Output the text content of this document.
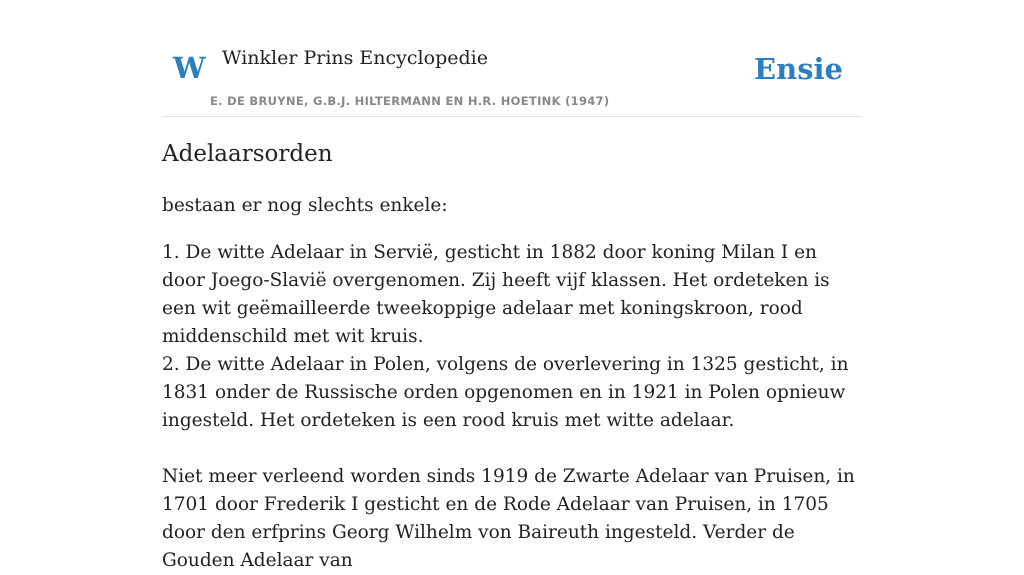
W Winkler Prins Encyclopedie
E. DE BRUYNE, G.B.J. HILTERMANN EN H.R. HOETINK (1947)
Ensie
Adelaarsorden

bestaan er nog slechts enkele:

1. De witte Adelaar in Servië, gesticht in 1882 door koning Milan I en door Joego-Slavië overgenomen. Zij heeft vijf klassen. Het ordeteken is een wit geëmailleerde tweekoppige adelaar met koningskroon, rood middenschild met wit kruis.

2. De witte Adelaar in Polen, volgens de overlevering in 1325 gesticht, in 1831 onder de Russische orden opgenomen en in 1921 in Polen opnieuw ingesteld. Het ordeteken is een rood kruis met witte adelaar.

Niet meer verleend worden sinds 1919 de Zwarte Adelaar van Pruisen, in 1701 door Frederik I gesticht en de Rode Adelaar van Pruisen, in 1705 door den erfprins Georg Wilhelm von Baireuth ingesteld. Verder de Gouden Adelaar van
